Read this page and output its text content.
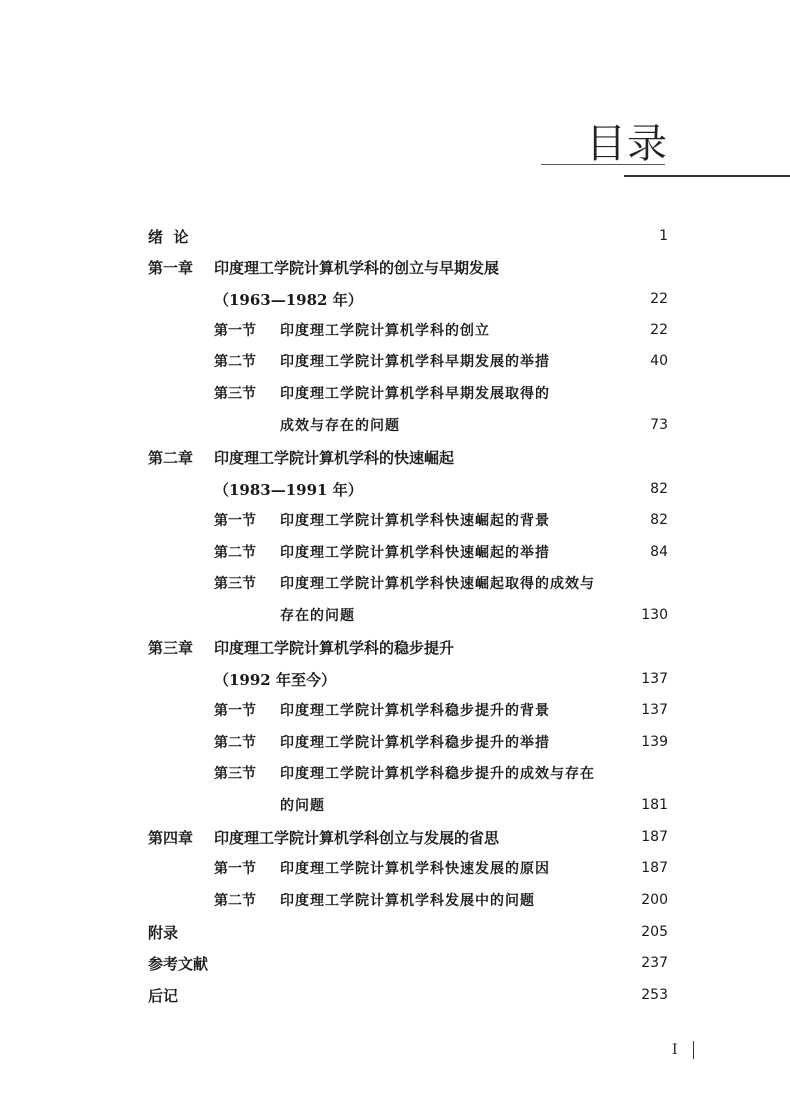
目录
绪  论	1
第一章	印度理工学院计算机学科的创立与早期发展
（1963—1982 年）	22
第一节	印度理工学院计算机学科的创立	22
第二节	印度理工学院计算机学科早期发展的举措	40
第三节	印度理工学院计算机学科早期发展取得的
成效与存在的问题	73
第二章	印度理工学院计算机学科的快速崛起
（1983—1991 年）	82
第一节	印度理工学院计算机学科快速崛起的背景	82
第二节	印度理工学院计算机学科快速崛起的举措	84
第三节	印度理工学院计算机学科快速崛起取得的成效与
存在的问题	130
第三章	印度理工学院计算机学科的稳步提升
（1992 年至今）	137
第一节	印度理工学院计算机学科稳步提升的背景	137
第二节	印度理工学院计算机学科稳步提升的举措	139
第三节	印度理工学院计算机学科稳步提升的成效与存在
的问题	181
第四章	印度理工学院计算机学科创立与发展的省思	187
第一节	印度理工学院计算机学科快速发展的原因	187
第二节	印度理工学院计算机学科发展中的问题	200
附录	205
参考文献	237
后记	253
I
